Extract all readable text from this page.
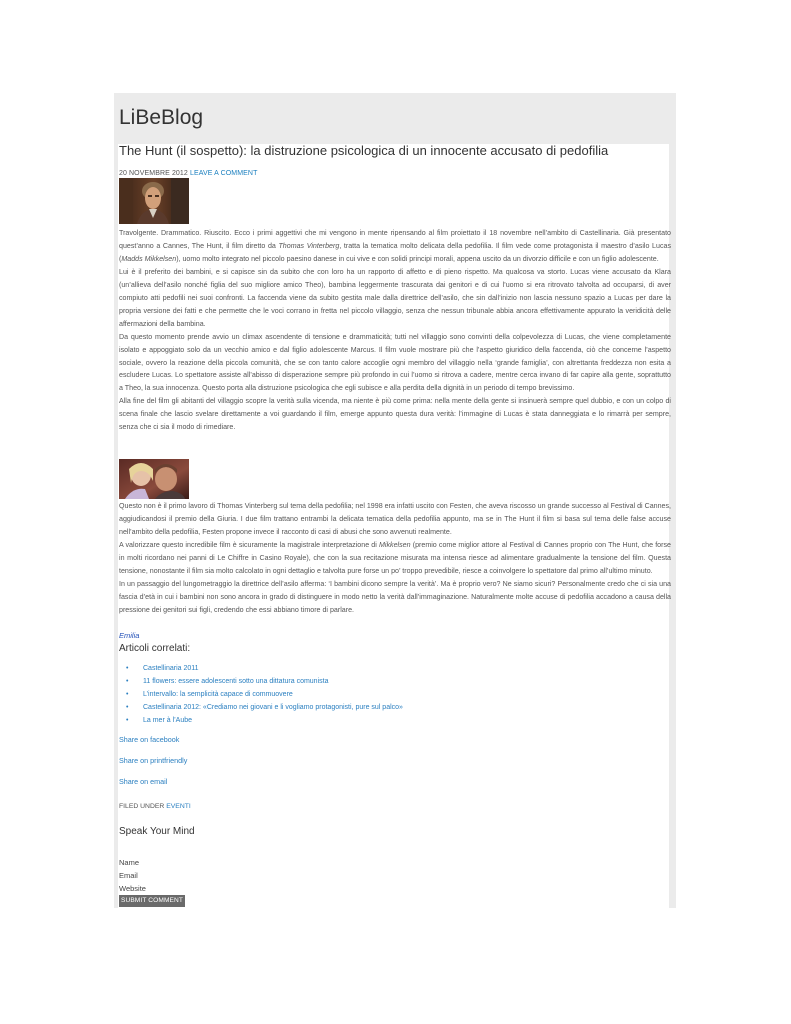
LiBeBlog
The Hunt (il sospetto): la distruzione psicologica di un innocente accusato di pedofilia
20 NOVEMBRE 2012 LEAVE A COMMENT

Travolgente. Drammatico. Riuscito. Ecco i primi aggettivi che mi vengono in mente ripensando al film proiettato il 18 novembre nell’ambito di Castellinaria. Già presentato quest’anno a Cannes, The Hunt, il film diretto da Thomas Vinterberg, tratta la tematica molto delicata della pedofilia. Il film vede come protagonista il maestro d’asilo Lucas (Madds Mikkelsen), uomo molto integrato nel piccolo paesino danese in cui vive e con solidi principi morali, appena uscito da un divorzio difficile e con un figlio adolescente.

Lui è il preferito dei bambini, e si capisce sin da subito che con loro ha un rapporto di affetto e di pieno rispetto. Ma qualcosa va storto. Lucas viene accusato da Klara (un’allieva dell’asilo nonché figlia del suo migliore amico Theo), bambina leggermente trascurata dai genitori e di cui l’uomo si era ritrovato talvolta ad occuparsi, di aver compiuto atti pedofili nei suoi confronti. La faccenda viene da subito gestita male dalla direttrice dell’asilo, che sin dall’inizio non lascia nessuno spazio a Lucas per dare la propria versione dei fatti e che permette che le voci corrano in fretta nel piccolo villaggio, senza che nessun tribunale abbia ancora effettivamente appurato la veridicità delle affermazioni della bambina.

Da questo momento prende avvio un climax ascendente di tensione e drammaticità; tutti nel villaggio sono convinti della colpevolezza di Lucas, che viene completamente isolato e appoggiato solo da un vecchio amico e dal figlio adolescente Marcus. Il film vuole mostrare più che l’aspetto giuridico della faccenda, ciò che concerne l’aspetto sociale, ovvero la reazione della piccola comunità, che se con tanto calore accoglie ogni membro del villaggio nella ‘grande famiglia’, con altrettanta freddezza non esita a escludere Lucas. Lo spettatore assiste all’abisso di disperazione sempre più profondo in cui l’uomo si ritrova a cadere, mentre cerca invano di far capire alla gente, soprattutto a Theo, la sua innocenza. Questo porta alla distruzione psicologica che egli subisce e alla perdita della dignità in un periodo di tempo brevissimo.

Alla fine del film gli abitanti del villaggio scopre la verità sulla vicenda, ma niente è più come prima: nella mente della gente si insinuerà sempre quel dubbio, e con un colpo di scena finale che lascio svelare direttamente a voi guardando il film, emerge appunto questa dura verità: l’immagine di Lucas è stata danneggiata e lo rimarrà per sempre, senza che ci sia il modo di rimediare.

Questo non è il primo lavoro di Thomas Vinterberg sul tema della pedofilia; nel 1998 era infatti uscito con Festen, che aveva riscosso un grande successo al Festival di Cannes, aggiudicandosi il premio della Giuria. I due film trattano entrambi la delicata tematica della pedofilia appunto, ma se in The Hunt il film si basa sul tema delle false accuse nell’ambito della pedofilia, Festen propone invece il racconto di casi di abusi che sono avvenuti realmente.

A valorizzare questo incredibile film è sicuramente la magistrale interpretazione di Mikkelsen (premio come miglior attore al Festival di Cannes proprio con The Hunt, che forse in molti ricordano nei panni di Le Chiffre in Casino Royale), che con la sua recitazione misurata ma intensa riesce ad alimentare gradualmente la tensione del film. Questa tensione, nonostante il film sia molto calcolato in ogni dettaglio e talvolta pure forse un po’ troppo prevedibile, riesce a coinvolgere lo spettatore dal primo all’ultimo minuto.

In un passaggio del lungometraggio la direttrice dell’asilo afferma: ‘I bambini dicono sempre la verità’. Ma è proprio vero? Ne siamo sicuri? Personalmente credo che ci sia una fascia d’età in cui i bambini non sono ancora in grado di distinguere in modo netto la verità dall’immaginazione. Naturalmente molte accuse di pedofilia accadono a causa della pressione dei genitori sui figli, credendo che essi abbiano timore di parlare.

Emilia
Articoli correlati:
• Castellinaria 2011
• 11 flowers: essere adolescenti sotto una dittatura comunista
• L’intervallo: la semplicità capace di commuovere
• Castellinaria 2012: «Crediamo nei giovani e li vogliamo protagonisti, pure sul palco»
• La mer à l’Aube
Share on facebook
Share on printfriendly
Share on email
FILED UNDER EVENTI
Speak Your Mind
Name
Email
Website
SUBMIT COMMENT
